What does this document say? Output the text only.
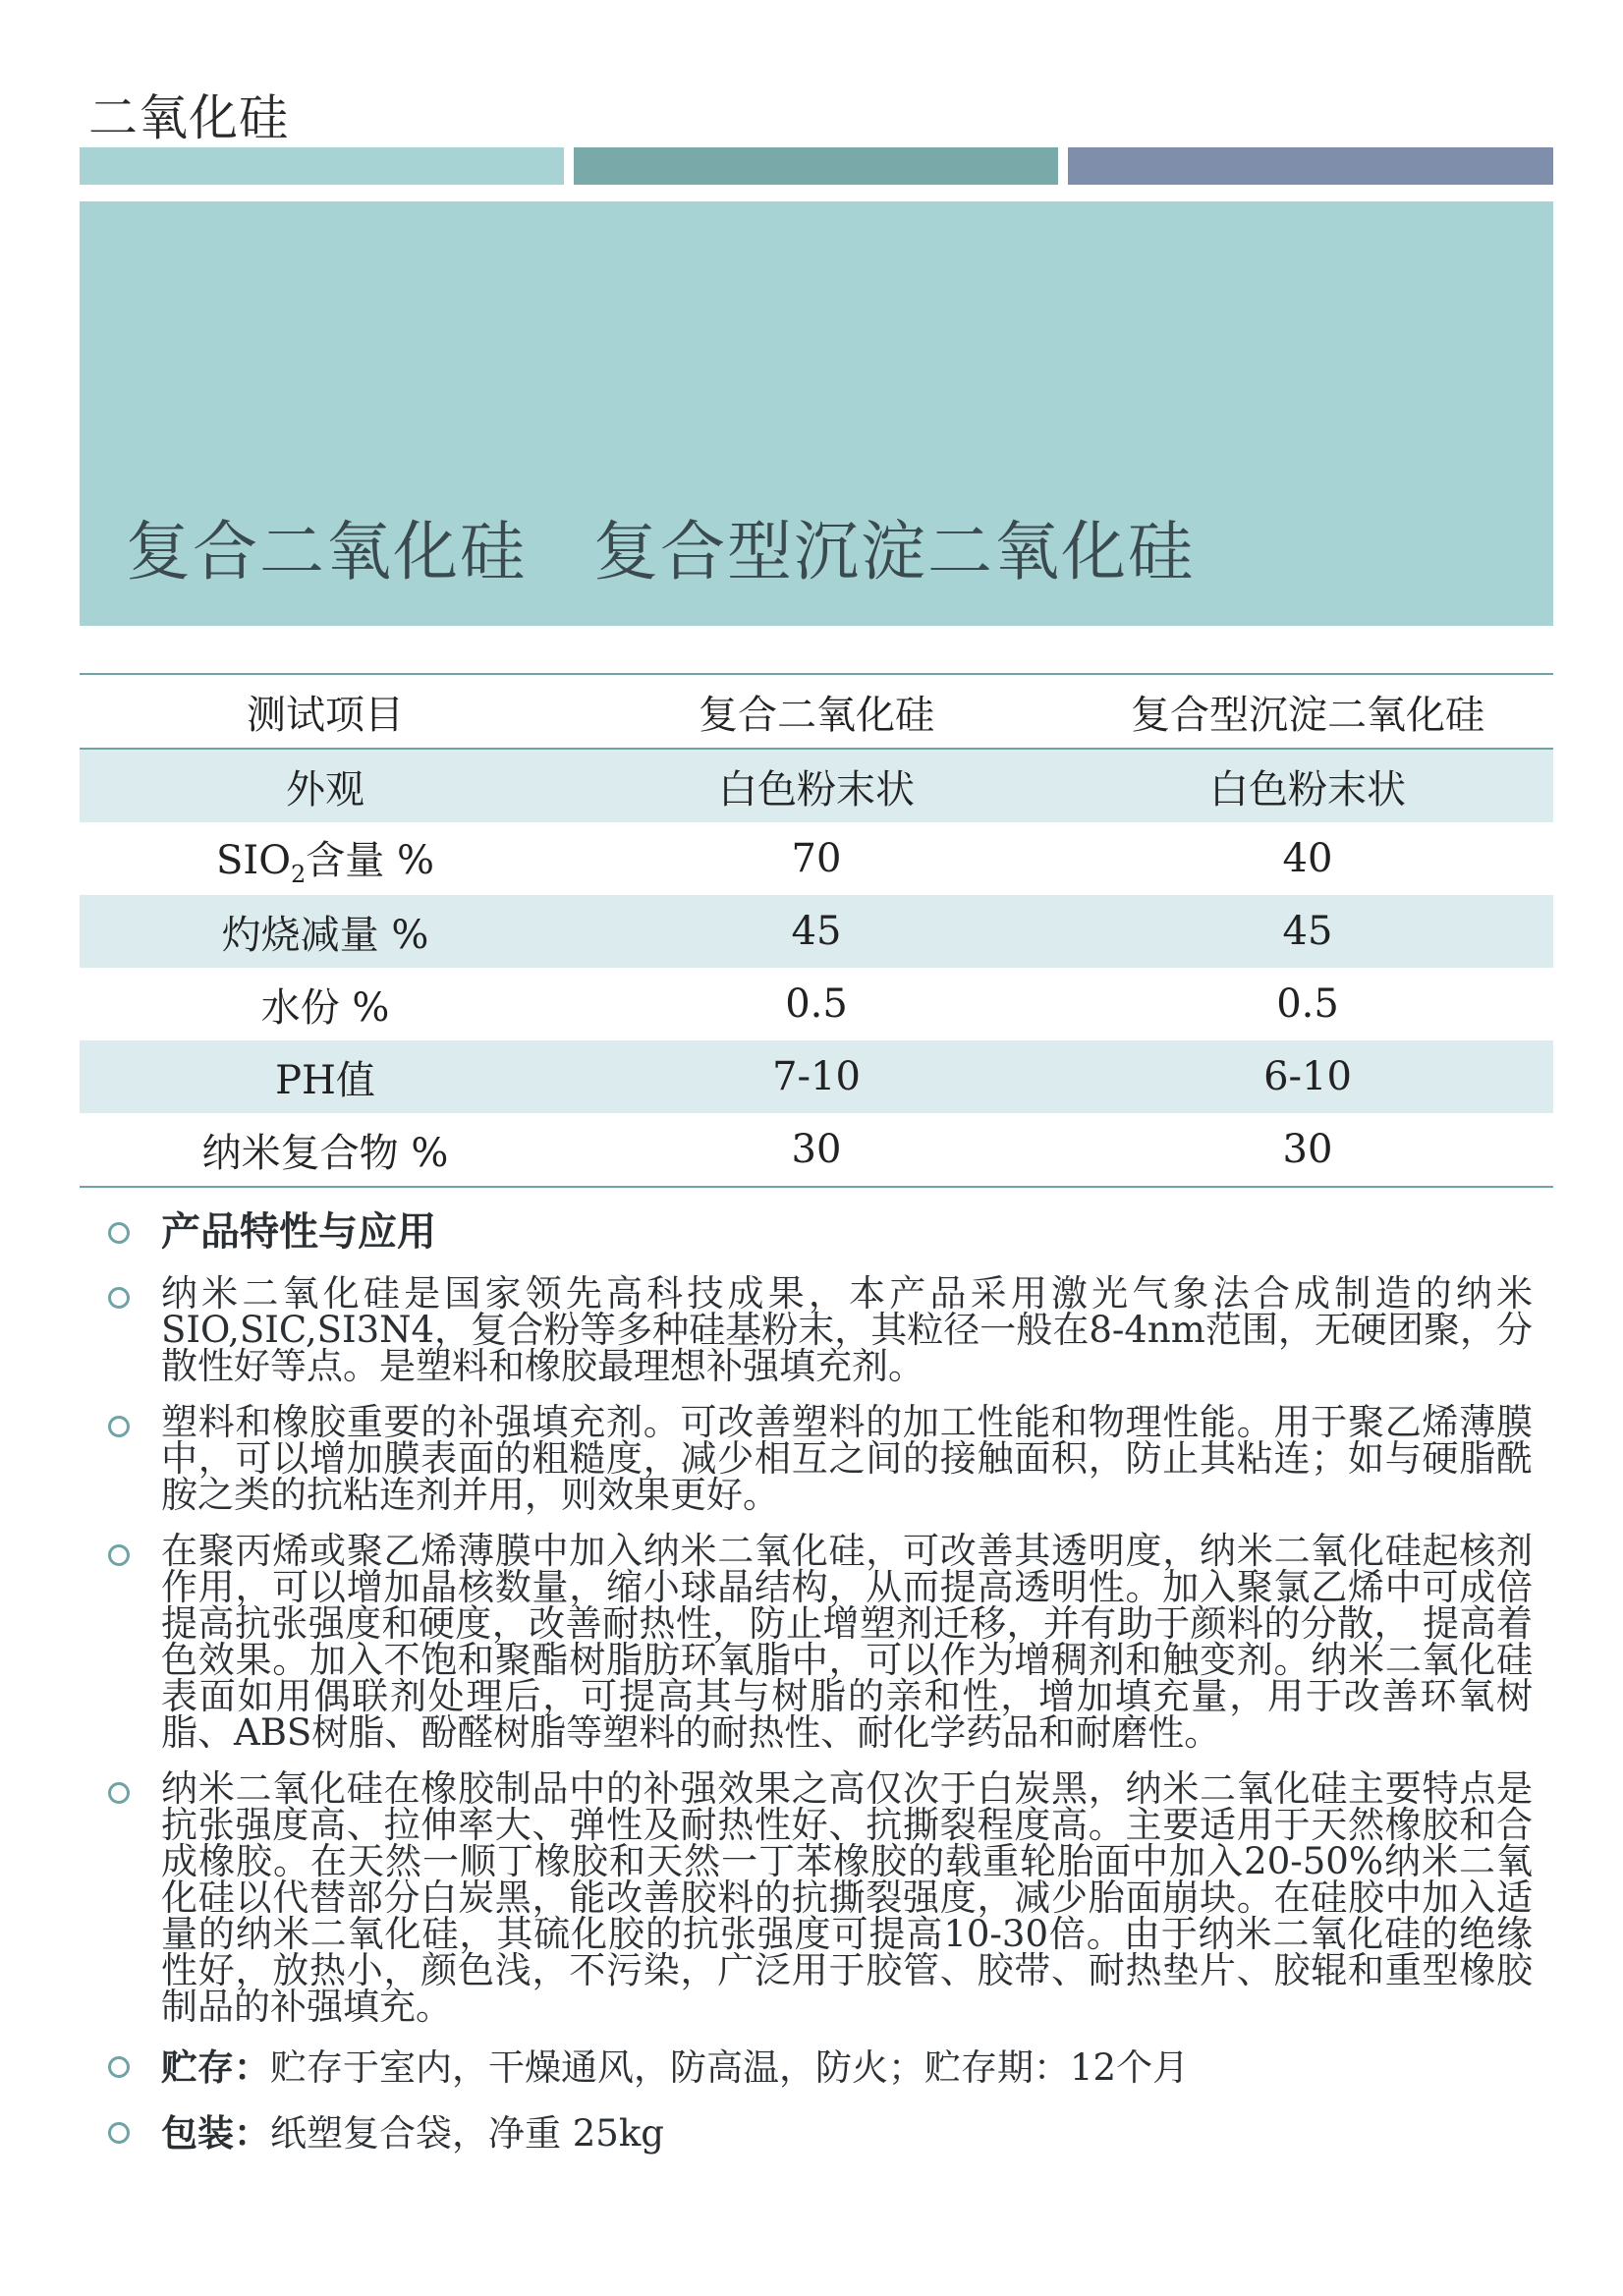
二氧化硅
复合二氧化硅　复合型沉淀二氧化硅
测试项目	复合二氧化硅	复合型沉淀二氧化硅
外观	白色粉末状	白色粉末状
$SIO_2$含量 %	70	40
灼烧减量 %	45	45
水份 %	0.5	0.5
PH值	7-10	6-10
纳米复合物 %	30	30
产品特性与应用
纳米二氧化硅是国家领先高科技成果，本产品采用激光气象法合成制造的纳米SIO,SIC,SI3N4，复合粉等多种硅基粉末，其粒径一般在8-4nm范围，无硬团聚，分散性好等点。是塑料和橡胶最理想补强填充剂。
塑料和橡胶重要的补强填充剂。可改善塑料的加工性能和物理性能。用于聚乙烯薄膜中，可以增加膜表面的粗糙度，减少相互之间的接触面积，防止其粘连；如与硬脂酰胺之类的抗粘连剂并用，则效果更好。
在聚丙烯或聚乙烯薄膜中加入纳米二氧化硅，可改善其透明度，纳米二氧化硅起核剂作用，可以增加晶核数量，缩小球晶结构，从而提高透明性。加入聚氯乙烯中可成倍提高抗张强度和硬度，改善耐热性，防止增塑剂迁移，并有助于颜料的分散， 提高着色效果。加入不饱和聚酯树脂肪环氧脂中，可以作为增稠剂和触变剂。纳米二氧化硅表面如用偶联剂处理后，可提高其与树脂的亲和性，增加填充量，用于改善环氧树脂、ABS树脂、酚醛树脂等塑料的耐热性、耐化学药品和耐磨性。
纳米二氧化硅在橡胶制品中的补强效果之高仅次于白炭黑，纳米二氧化硅主要特点是抗张强度高、拉伸率大、弹性及耐热性好、抗撕裂程度高。主要适用于天然橡胶和合成橡胶。在天然一顺丁橡胶和天然一丁苯橡胶的载重轮胎面中加入20-50%纳米二氧化硅以代替部分白炭黑，能改善胶料的抗撕裂强度，减少胎面崩块。在硅胶中加入适量的纳米二氧化硅，其硫化胶的抗张强度可提高10-30倍。由于纳米二氧化硅的绝缘性好，放热小，颜色浅，不污染，广泛用于胶管、胶带、耐热垫片、胶辊和重型橡胶制品的补强填充。
贮存：贮存于室内，干燥通风，防高温，防火；贮存期：12个月
包装：纸塑复合袋，净重 25kg
